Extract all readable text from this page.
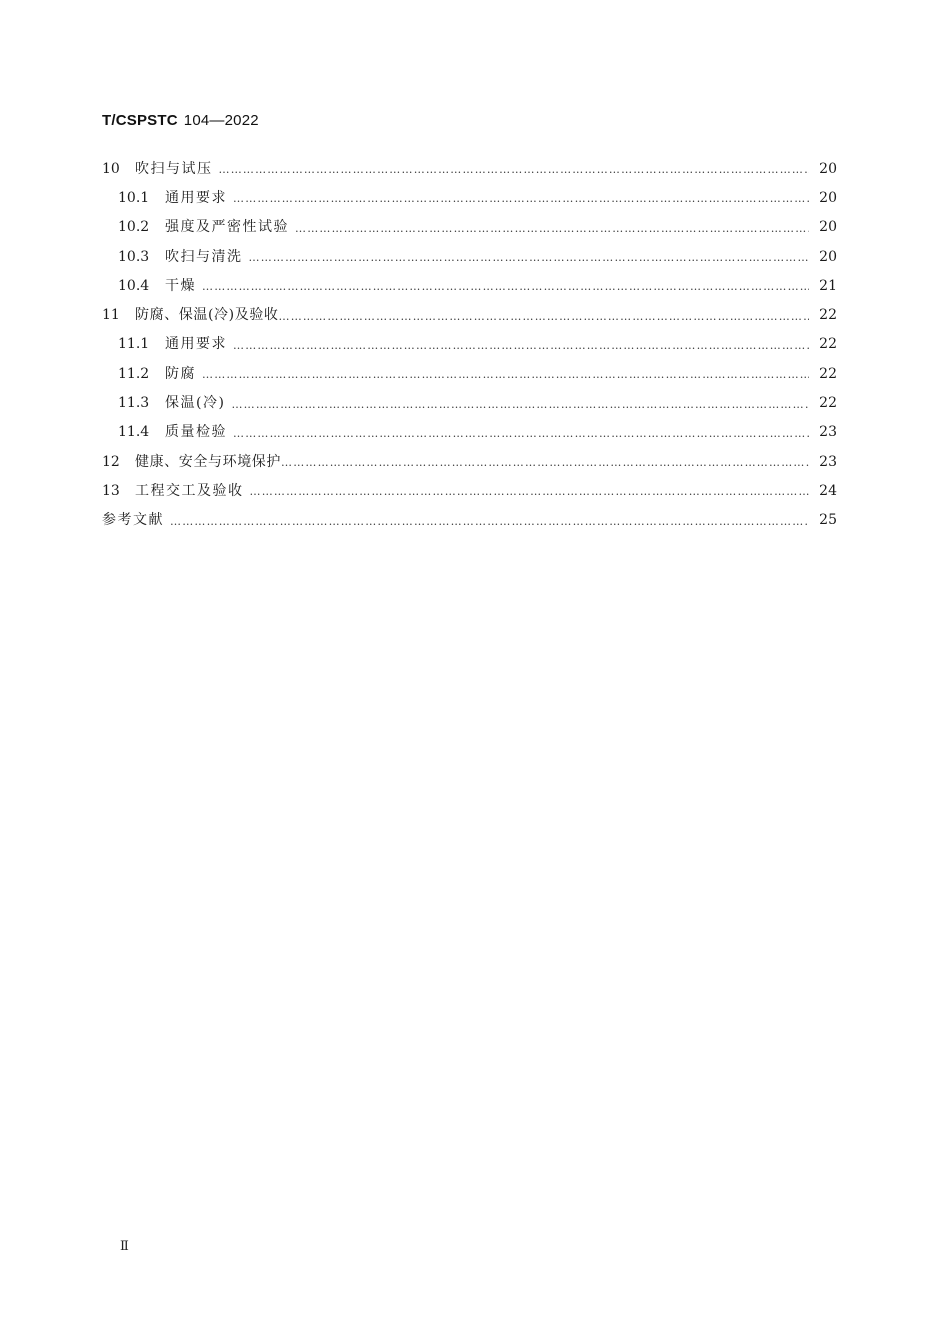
T/CSPSTC 104—2022
10	吹扫与试压 …………………………………………………………………………………………………………………………………………………………………………………………………………………………………………………………………………………………	20
10.1	通用要求 …………………………………………………………………………………………………………………………………………………………………………………………………………………………………………………………………………………………	20
10.2	强度及严密性试验 …………………………………………………………………………………………………………………………………………………………………………………………………………………………………………………………………………………………	20
10.3	吹扫与清洗 …………………………………………………………………………………………………………………………………………………………………………………………………………………………………………………………………………………………	20
10.4	干燥 …………………………………………………………………………………………………………………………………………………………………………………………………………………………………………………………………………………………	21
11	防腐、保温(冷)及验收 …………………………………………………………………………………………………………………………………………………………………………………………………………………………………………………………………………………………	22
11.1	通用要求 …………………………………………………………………………………………………………………………………………………………………………………………………………………………………………………………………………………………	22
11.2	防腐 …………………………………………………………………………………………………………………………………………………………………………………………………………………………………………………………………………………………	22
11.3	保温(冷) …………………………………………………………………………………………………………………………………………………………………………………………………………………………………………………………………………………………	22
11.4	质量检验 …………………………………………………………………………………………………………………………………………………………………………………………………………………………………………………………………………………………	23
12	健康、安全与环境保护 …………………………………………………………………………………………………………………………………………………………………………………………………………………………………………………………………………………………	23
13	工程交工及验收 …………………………………………………………………………………………………………………………………………………………………………………………………………………………………………………………………………………………	24
参考文献 …………………………………………………………………………………………………………………………………………………………………………………………………………………………………………………………………………………………	25
Ⅱ
